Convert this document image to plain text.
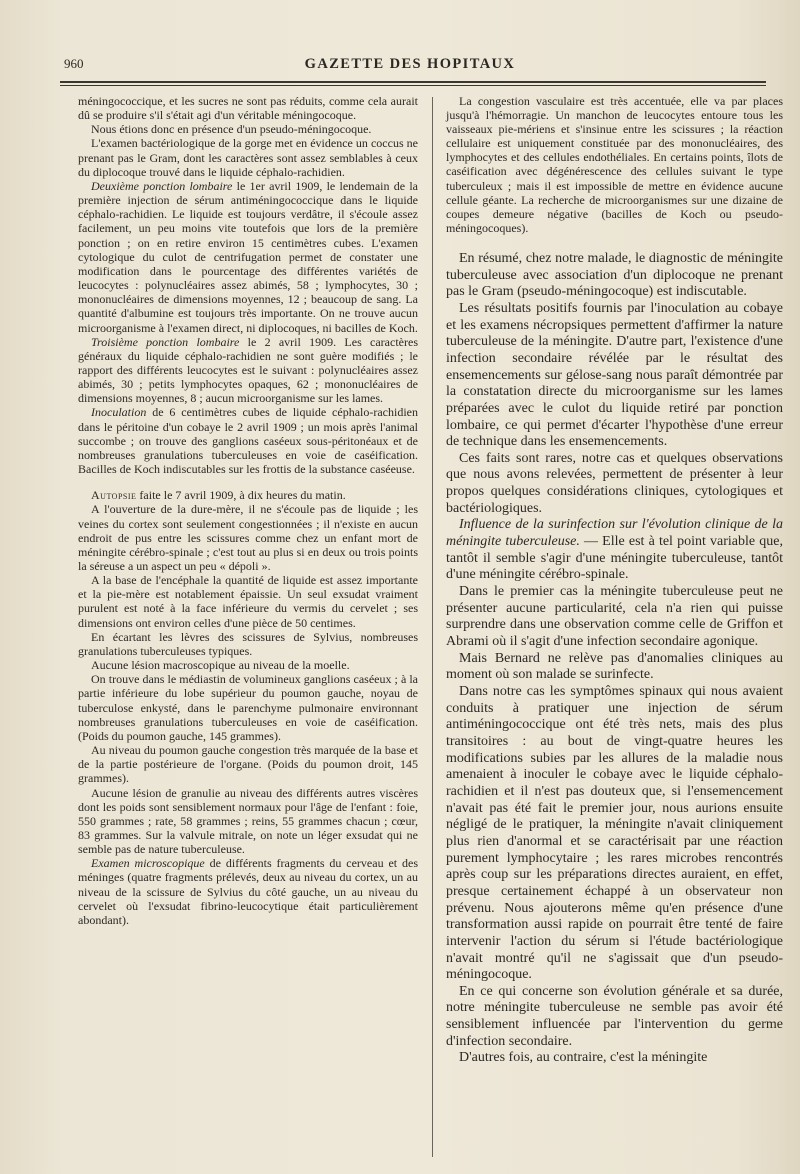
960	GAZETTE DES HOPITAUX

méningococcique, et les sucres ne sont pas réduits, comme cela aurait dû se produire s'il s'était agi d'un véritable méningocoque.

Nous étions donc en présence d'un pseudo-méningocoque.

L'examen bactériologique de la gorge met en évidence un coccus ne prenant pas le Gram, dont les caractères sont assez semblables à ceux du diplocoque trouvé dans le liquide céphalo-rachidien.

Deuxième ponction lombaire le 1er avril 1909, le lendemain de la première injection de sérum antiméningococcique dans le liquide céphalo-rachidien. Le liquide est toujours verdâtre, il s'écoule assez facilement, un peu moins vite toutefois que lors de la première ponction ; on en retire environ 15 centimètres cubes. L'examen cytologique du culot de centrifugation permet de constater une modification dans le pourcentage des différentes variétés de leucocytes : polynucléaires assez abimés, 58 ; lymphocytes, 30 ; mononucléaires de dimensions moyennes, 12 ; beaucoup de sang. La quantité d'albumine est toujours très importante. On ne trouve aucun microorganisme à l'examen direct, ni diplocoques, ni bacilles de Koch.

Troisième ponction lombaire le 2 avril 1909. Les caractères généraux du liquide céphalo-rachidien ne sont guère modifiés ; le rapport des différents leucocytes est le suivant : polynucléaires assez abimés, 30 ; petits lymphocytes opaques, 62 ; mononucléaires de dimensions moyennes, 8 ; aucun microorganisme sur les lames.

Inoculation de 6 centimètres cubes de liquide céphalo-rachidien dans le péritoine d'un cobaye le 2 avril 1909 ; un mois après l'animal succombe ; on trouve des ganglions caséeux sous-péritonéaux et de nombreuses granulations tuberculeuses en voie de caséification. Bacilles de Koch indiscutables sur les frottis de la substance caséeuse.

Autopsie faite le 7 avril 1909, à dix heures du matin.

A l'ouverture de la dure-mère, il ne s'écoule pas de liquide ; les veines du cortex sont seulement congestionnées ; il n'existe en aucun endroit de pus entre les scissures comme chez un enfant mort de méningite cérébro-spinale ; c'est tout au plus si en deux ou trois points la séreuse a un aspect un peu « dépoli ».

A la base de l'encéphale la quantité de liquide est assez importante et la pie-mère est notablement épaissie. Un seul exsudat vraiment purulent est noté à la face inférieure du vermis du cervelet ; ses dimensions ont environ celles d'une pièce de 50 centimes.

En écartant les lèvres des scissures de Sylvius, nombreuses granulations tuberculeuses typiques.

Aucune lésion macroscopique au niveau de la moelle.

On trouve dans le médiastin de volumineux ganglions caséeux ; à la partie inférieure du lobe supérieur du poumon gauche, noyau de tuberculose enkysté, dans le parenchyme pulmonaire environnant nombreuses granulations tuberculeuses en voie de caséification. (Poids du poumon gauche, 145 grammes).

Au niveau du poumon gauche congestion très marquée de la base et de la partie postérieure de l'organe. (Poids du poumon droit, 145 grammes).

Aucune lésion de granulie au niveau des différents autres viscères dont les poids sont sensiblement normaux pour l'âge de l'enfant : foie, 550 grammes ; rate, 58 grammes ; reins, 55 grammes chacun ; cœur, 83 grammes. Sur la valvule mitrale, on note un léger exsudat qui ne semble pas de nature tuberculeuse.

Examen microscopique de différents fragments du cerveau et des méninges (quatre fragments prélevés, deux au niveau du cortex, un au niveau de la scissure de Sylvius du côté gauche, un au niveau du cervelet où l'exsudat fibrino-leucocytique était particulièrement abondant).

La congestion vasculaire est très accentuée, elle va par places jusqu'à l'hémorragie. Un manchon de leucocytes entoure tous les vaisseaux pie-mériens et s'insinue entre les scissures ; la réaction cellulaire est uniquement constituée par des mononucléaires, des lymphocytes et des cellules endothéliales. En certains points, îlots de caséification avec dégénérescence des cellules suivant le type tuberculeux ; mais il est impossible de mettre en évidence aucune cellule géante. La recherche de microorganismes sur une dizaine de coupes demeure négative (bacilles de Koch ou pseudo-méningocoques).

En résumé, chez notre malade, le diagnostic de méningite tuberculeuse avec association d'un diplocoque ne prenant pas le Gram (pseudo-méningocoque) est indiscutable.

Les résultats positifs fournis par l'inoculation au cobaye et les examens nécropsiques permettent d'affirmer la nature tuberculeuse de la méningite. D'autre part, l'existence d'une infection secondaire révélée par le résultat des ensemencements sur gélose-sang nous paraît démontrée par la constatation directe du microorganisme sur les lames préparées avec le culot du liquide retiré par ponction lombaire, ce qui permet d'écarter l'hypothèse d'une erreur de technique dans les ensemencements.

Ces faits sont rares, notre cas et quelques observations que nous avons relevées, permettent de présenter à leur propos quelques considérations cliniques, cytologiques et bactériologiques.

Influence de la surinfection sur l'évolution clinique de la méningite tuberculeuse. — Elle est à tel point variable que, tantôt il semble s'agir d'une méningite tuberculeuse, tantôt d'une méningite cérébro-spinale.

Dans le premier cas la méningite tuberculeuse peut ne présenter aucune particularité, cela n'a rien qui puisse surprendre dans une observation comme celle de Griffon et Abrami où il s'agit d'une infection secondaire agonique.

Mais Bernard ne relève pas d'anomalies cliniques au moment où son malade se surinfecte.

Dans notre cas les symptômes spinaux qui nous avaient conduits à pratiquer une injection de sérum antiméningococcique ont été très nets, mais des plus transitoires : au bout de vingt-quatre heures les modifications subies par les allures de la maladie nous amenaient à inoculer le cobaye avec le liquide céphalo-rachidien et il n'est pas douteux que, si l'ensemencement n'avait pas été fait le premier jour, nous aurions ensuite négligé de le pratiquer, la méningite n'avait cliniquement plus rien d'anormal et se caractérisait par une réaction purement lymphocytaire ; les rares microbes rencontrés après coup sur les préparations directes auraient, en effet, presque certainement échappé à un observateur non prévenu. Nous ajouterons même qu'en présence d'une transformation aussi rapide on pourrait être tenté de faire intervenir l'action du sérum si l'étude bactériologique n'avait montré qu'il ne s'agissait que d'un pseudo-méningocoque.

En ce qui concerne son évolution générale et sa durée, notre méningite tuberculeuse ne semble pas avoir été sensiblement influencée par l'intervention du germe d'infection secondaire.

D'autres fois, au contraire, c'est la méningite
